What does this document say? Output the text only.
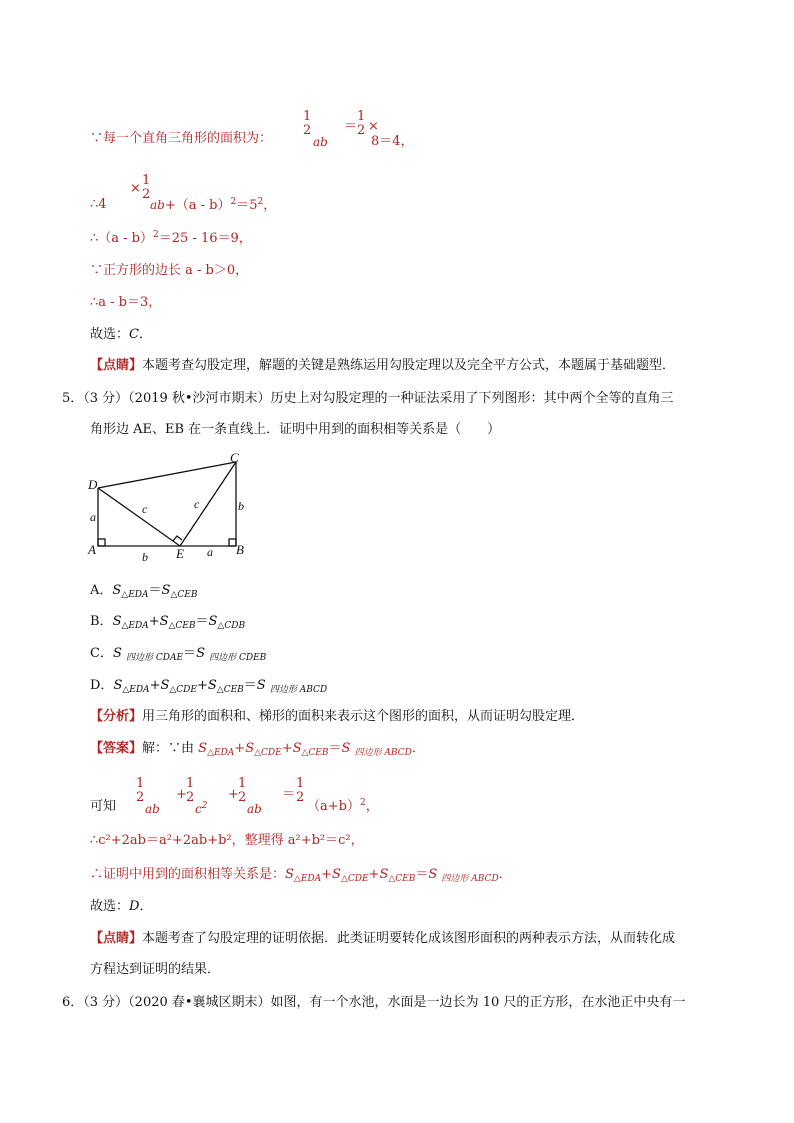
∵每一个直角三角形的面积为：
1
2
ab
＝
1
2 ×
8＝4，
∴4
×
1
2
$ab+(a - b)^2=5^2$，
∴（a - b）$^2$＝25 - 16＝9，
∵正方形的边长 a - b＞0，
∴a - b＝3，
故选：C．
【点睛】本题考查勾股定理，解题的关键是熟练运用勾股定理以及完全平方公式，本题属于基础题型．
5．（3 分）（2019 秋•沙河市期末）历史上对勾股定理的一种证法采用了下列图形：其中两个全等的直角三
角形边 AE、EB 在一条直线上．证明中用到的面积相等关系是（　　）
D
C
A	B
E
a
b
c	c
b	a
A．$S_{\triangle EDA}=S_{\triangle CEB}$
B．$S_{\triangle EDA}+S_{\triangle CEB}=S_{\triangle CDB}$
C．S $_{四边形 CDAE}$＝S $_{四边形 CDEB}$
D．$S_{\triangle EDA}+S_{\triangle CDE}+S_{\triangle CEB}=S$ $_{四边形 ABCD}$
【分析】用三角形的面积和、梯形的面积来表示这个图形的面积，从而证明勾股定理．
【答案】解：∵由 $S_{\triangle EDA}+S_{\triangle CDE}+S_{\triangle CEB}=S$ $_{四边形 ABCD}$．
可知
1
2
ab
+
1
2
$c^2$
+
1
2
ab
＝
1
2
$(a+b)^2$，
∴c²+2ab＝a²+2ab+b²，整理得 a²+b²＝c²，
∴证明中用到的面积相等关系是：$S_{\triangle EDA}+S_{\triangle CDE}+S_{\triangle CEB}=S$ $_{四边形 ABCD}$．
故选：D．
【点睛】本题考查了勾股定理的证明依据．此类证明要转化成该图形面积的两种表示方法，从而转化成
方程达到证明的结果．
6．（3 分）（2020 春•襄城区期末）如图，有一个水池，水面是一边长为 10 尺的正方形，在水池正中央有一
